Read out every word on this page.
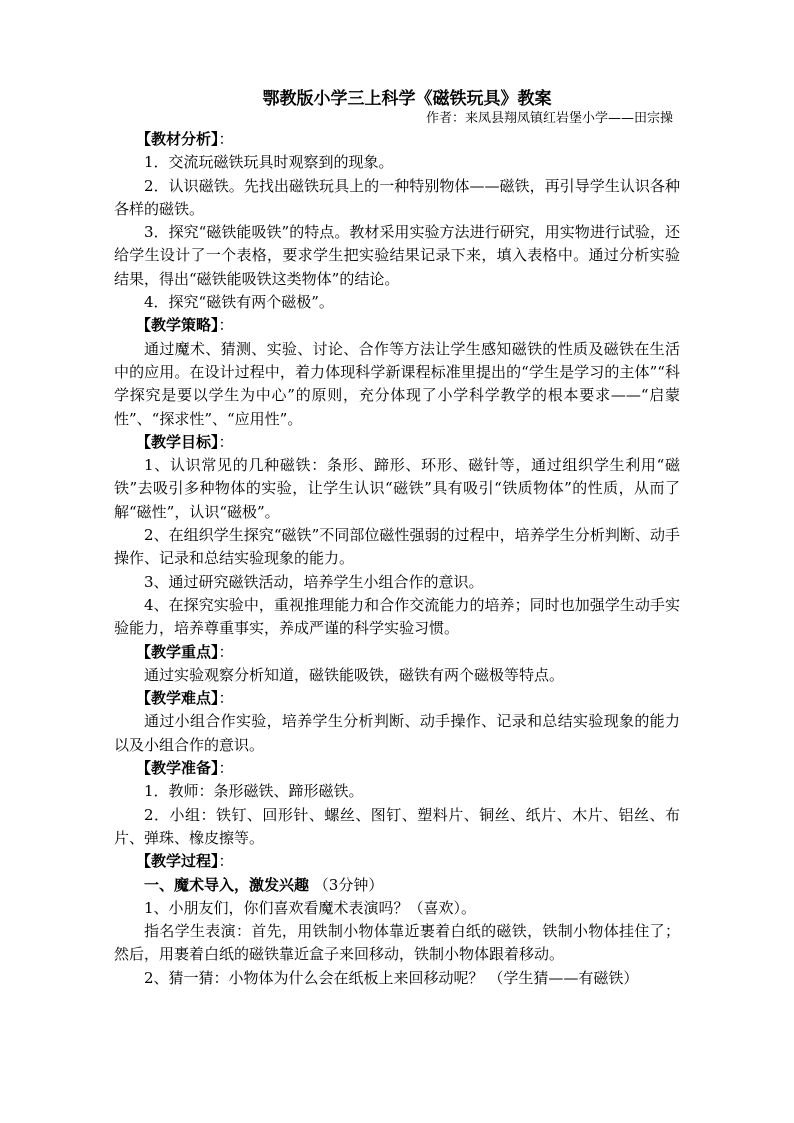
鄂教版小学三上科学《磁铁玩具》教案

作者：来凤县翔凤镇红岩堡小学——田宗操

【教材分析】：

1．交流玩磁铁玩具时观察到的现象。

2．认识磁铁。先找出磁铁玩具上的一种特别物体——磁铁，再引导学生认识各种各样的磁铁。

3．探究“磁铁能吸铁”的特点。教材采用实验方法进行研究，用实物进行试验，还给学生设计了一个表格，要求学生把实验结果记录下来，填入表格中。通过分析实验结果，得出“磁铁能吸铁这类物体”的结论。

4．探究“磁铁有两个磁极”。

【教学策略】：

通过魔术、猜测、实验、讨论、合作等方法让学生感知磁铁的性质及磁铁在生活中的应用。在设计过程中，着力体现科学新课程标准里提出的“学生是学习的主体”“科学探究是要以学生为中心”的原则，充分体现了小学科学教学的根本要求——“启蒙性”、“探求性”、“应用性”。

【教学目标】：

1、认识常见的几种磁铁：条形、蹄形、环形、磁针等，通过组织学生利用“磁铁”去吸引多种物体的实验，让学生认识“磁铁”具有吸引“铁质物体”的性质，从而了解“磁性”，认识“磁极”。

2、在组织学生探究“磁铁”不同部位磁性强弱的过程中，培养学生分析判断、动手操作、记录和总结实验现象的能力。

3、通过研究磁铁活动，培养学生小组合作的意识。

4、在探究实验中，重视推理能力和合作交流能力的培养；同时也加强学生动手实验能力，培养尊重事实，养成严谨的科学实验习惯。

【教学重点】：

通过实验观察分析知道，磁铁能吸铁，磁铁有两个磁极等特点。

【教学难点】：

通过小组合作实验，培养学生分析判断、动手操作、记录和总结实验现象的能力以及小组合作的意识。

【教学准备】：

1．教师：条形磁铁、蹄形磁铁。

2．小组：铁钉、回形针、螺丝、图钉、塑料片、铜丝、纸片、木片、铝丝、布片、弹珠、橡皮擦等。

【教学过程】：

一、魔术导入，激发兴趣 （3分钟）

1、小朋友们，你们喜欢看魔术表演吗？（喜欢）。

指名学生表演：首先，用铁制小物体靠近裹着白纸的磁铁，铁制小物体挂住了；然后，用裹着白纸的磁铁靠近盒子来回移动，铁制小物体跟着移动。

2、猜一猜：小物体为什么会在纸板上来回移动呢？ （学生猜——有磁铁）
